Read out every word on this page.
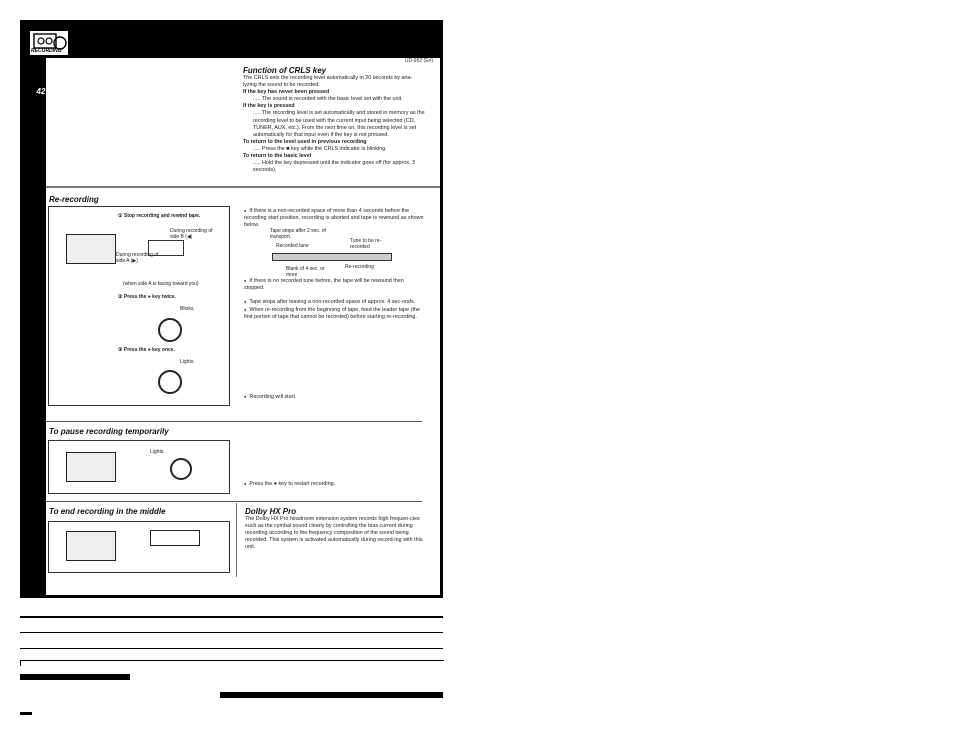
RECORDING
42
UD-952 (En)
Function of CRLS key
The CRLS sets the recording level automatically in 20 seconds by ana-lyzing the sound to be recorded.
If the key has never been pressed
..... The sound is recorded with the basic level set with the unit.
If the key is pressed
..... The recording level is set automatically and stored in memory as the recording level to be used with the current input being selected (CD, TUNER, AUX, etc.). From the next time on, this recording level is set automatically for that input even if the key is not pressed.
To return to the level used in previous recording
..... Press the ■ key while the CRLS indicator is blinking.
To return to the basic level
..... Hold the key depressed until the indicator goes off (for approx. 3 seconds).
Re-recording
① Stop recording and rewind tape.
During recording of side B (◀)
During recording of side A (▶)
(when side A is facing toward you)
② Press the ● key twice.
Blinks.
③ Press the ● key once.
Lights.
● If there is a non-recorded space of more than 4 seconds before the recording start position, recording is aborted and tape is rewound as shown below.
Tape stops after 2 sec. of transport.
Recorded tune
Tune to be re-recorded
Blank of 4 sec. or more
Re-recording
● If there is no recorded tune before, the tape will be rewound then stopped.
● Tape stops after leaving a non-recorded space of approx. 4 sec-onds.
● When re-recording from the beginning of tape, feed the leader tape (the first portion of tape that cannot be recorded) before starting re-recording.
● Recording will start.
To pause recording temporarily
Lights.
● Press the ● key to restart recording.
To end recording in the middle	Dolby HX Pro
The Dolby HX Pro headroom extension system records high frequen-cies such as the cymbal sound clearly by controlling the bias current during recording according to the frequency composition of the sound being recorded. This system is activated automatically during record-ing with this unit.
